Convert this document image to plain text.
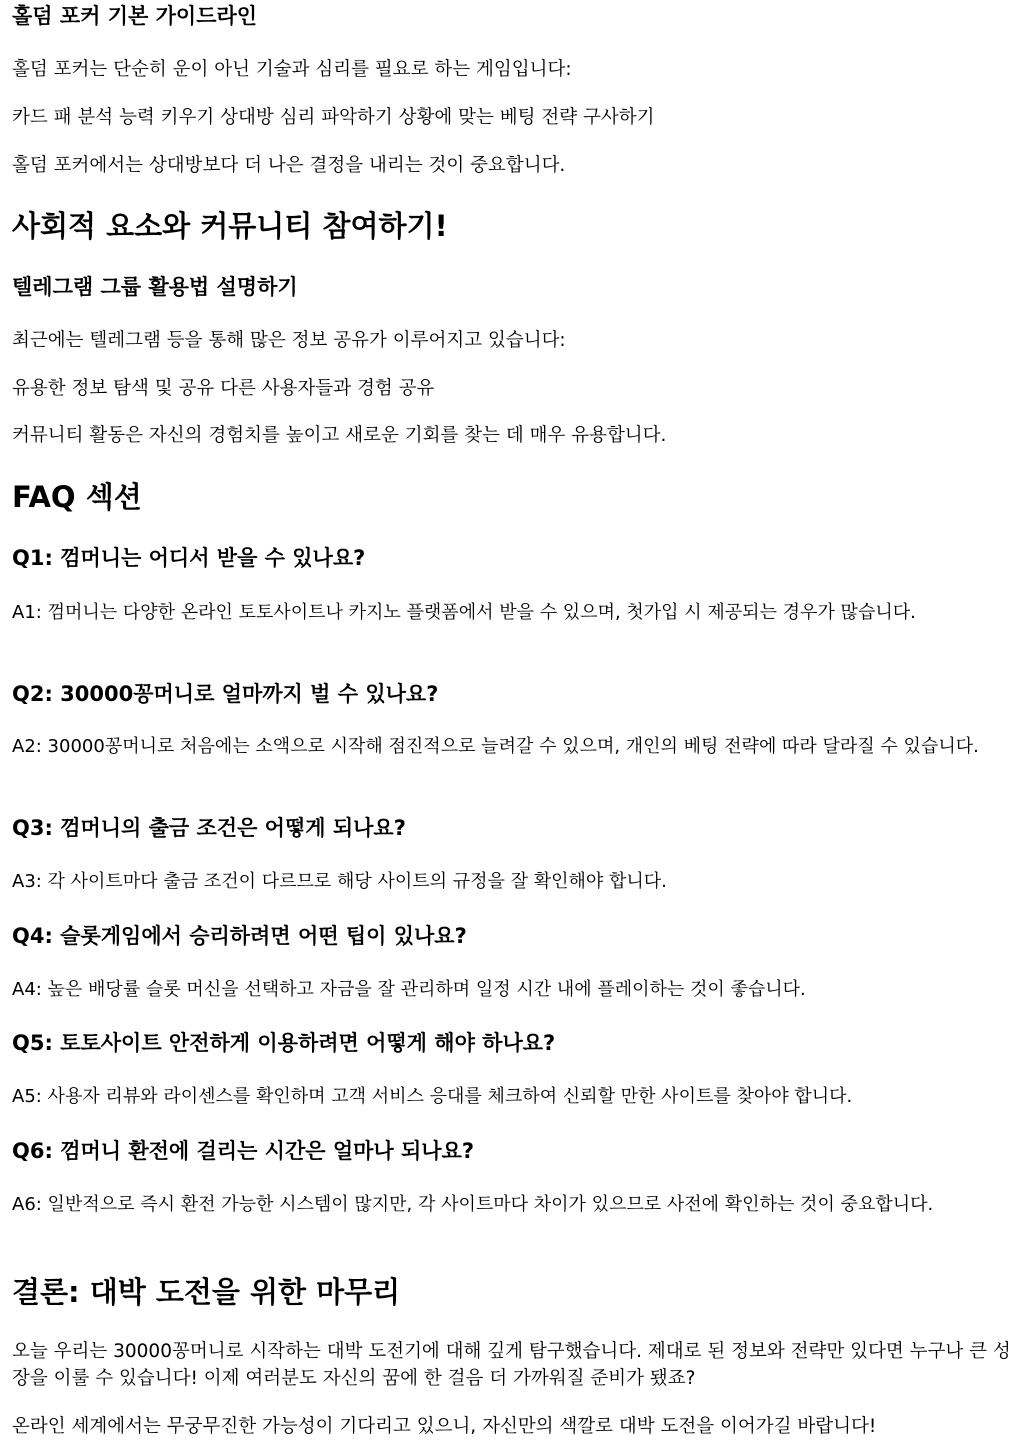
홀덤 포커 기본 가이드라인

홀덤 포커는 단순히 운이 아닌 기술과 심리를 필요로 하는 게임입니다:

카드 패 분석 능력 키우기 상대방 심리 파악하기 상황에 맞는 베팅 전략 구사하기

홀덤 포커에서는 상대방보다 더 나은 결정을 내리는 것이 중요합니다.

사회적 요소와 커뮤니티 참여하기!
텔레그램 그룹 활용법 설명하기

최근에는 텔레그램 등을 통해 많은 정보 공유가 이루어지고 있습니다:

유용한 정보 탐색 및 공유 다른 사용자들과 경험 공유

커뮤니티 활동은 자신의 경험치를 높이고 새로운 기회를 찾는 데 매우 유용합니다.

FAQ 섹션
Q1: 껌머니는 어디서 받을 수 있나요?

A1: 껌머니는 다양한 온라인 토토사이트나 카지노 플랫폼에서 받을 수 있으며, 첫가입 시 제공되는 경우가 많습니다.

Q2: 30000꽁머니로 얼마까지 벌 수 있나요?

A2: 30000꽁머니로 처음에는 소액으로 시작해 점진적으로 늘려갈 수 있으며, 개인의 베팅 전략에 따라 달라질 수 있습니다.

Q3: 껌머니의 출금 조건은 어떻게 되나요?

A3: 각 사이트마다 출금 조건이 다르므로 해당 사이트의 규정을 잘 확인해야 합니다.

Q4: 슬롯게임에서 승리하려면 어떤 팁이 있나요?

A4: 높은 배당률 슬롯 머신을 선택하고 자금을 잘 관리하며 일정 시간 내에 플레이하는 것이 좋습니다.

Q5: 토토사이트 안전하게 이용하려면 어떻게 해야 하나요?

A5: 사용자 리뷰와 라이센스를 확인하며 고객 서비스 응대를 체크하여 신뢰할 만한 사이트를 찾아야 합니다.

Q6: 껌머니 환전에 걸리는 시간은 얼마나 되나요?

A6: 일반적으로 즉시 환전 가능한 시스템이 많지만, 각 사이트마다 차이가 있으므로 사전에 확인하는 것이 중요합니다.

결론: 대박 도전을 위한 마무리

오늘 우리는 30000꽁머니로 시작하는 대박 도전기에 대해 깊게 탐구했습니다. 제대로 된 정보와 전략만 있다면 누구나 큰 성장을 이룰 수 있습니다! 이제 여러분도 자신의 꿈에 한 걸음 더 가까워질 준비가 됐죠?

온라인 세계에서는 무궁무진한 가능성이 기다리고 있으니, 자신만의 색깔로 대박 도전을 이어가길 바랍니다!
